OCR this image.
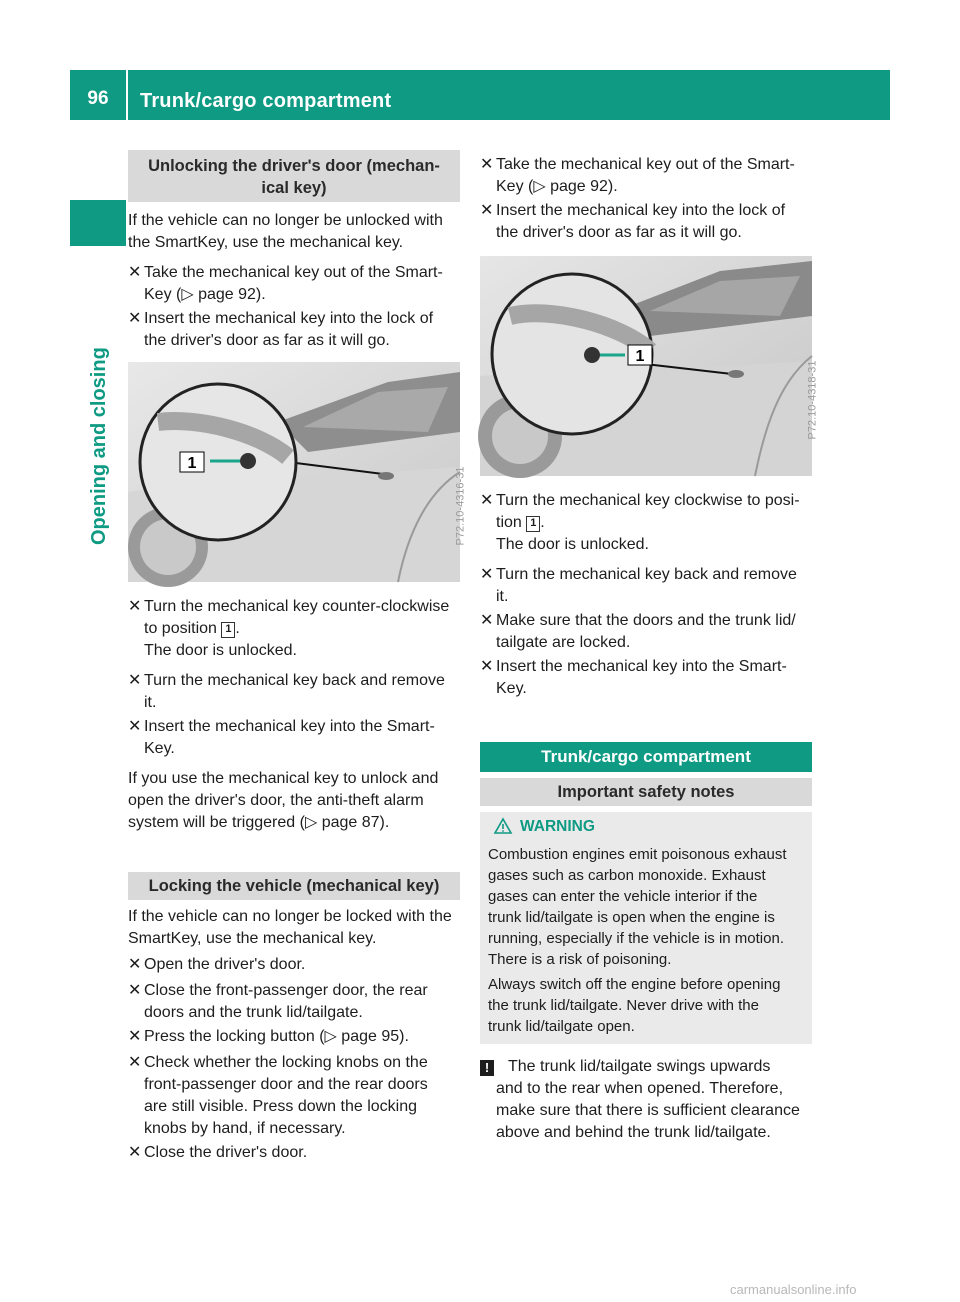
96	Trunk/cargo compartment
Opening and closing
Unlocking the driver's door (mechan-
ical key)
If the vehicle can no longer be unlocked with
the SmartKey, use the mechanical key.
✕ Take the mechanical key out of the Smart-
Key (▷ page 92).
✕ Insert the mechanical key into the lock of
the driver's door as far as it will go.
1
P72.10-4316-31
✕ Turn the mechanical key counter-clockwise
to position 1 .
The door is unlocked.
✕ Turn the mechanical key back and remove
it.
✕ Insert the mechanical key into the Smart-
Key.
If you use the mechanical key to unlock and
open the driver's door, the anti-theft alarm
system will be triggered (▷ page 87).
Locking the vehicle (mechanical key)
If the vehicle can no longer be locked with the
SmartKey, use the mechanical key.
✕ Open the driver's door.
✕ Close the front-passenger door, the rear
doors and the trunk lid/tailgate.
✕ Press the locking button (▷ page 95).
✕ Check whether the locking knobs on the
front-passenger door and the rear doors
are still visible. Press down the locking
knobs by hand, if necessary.
✕ Close the driver's door.
✕ Take the mechanical key out of the Smart-
Key (▷ page 92).
✕ Insert the mechanical key into the lock of
the driver's door as far as it will go.
1
P72.10-4318-31
✕ Turn the mechanical key clockwise to posi-
tion 1 .
The door is unlocked.
✕ Turn the mechanical key back and remove
it.
✕ Make sure that the doors and the trunk lid/
tailgate are locked.
✕ Insert the mechanical key into the Smart-
Key.
Trunk/cargo compartment
Important safety notes
WARNING
Combustion engines emit poisonous exhaust
gases such as carbon monoxide. Exhaust
gases can enter the vehicle interior if the
trunk lid/tailgate is open when the engine is
running, especially if the vehicle is in motion.
There is a risk of poisoning.
Always switch off the engine before opening
the trunk lid/tailgate. Never drive with the
trunk lid/tailgate open.
!	The trunk lid/tailgate swings upwards
and to the rear when opened. Therefore,
make sure that there is sufficient clearance
above and behind the trunk lid/tailgate.
carmanualsonline.info
